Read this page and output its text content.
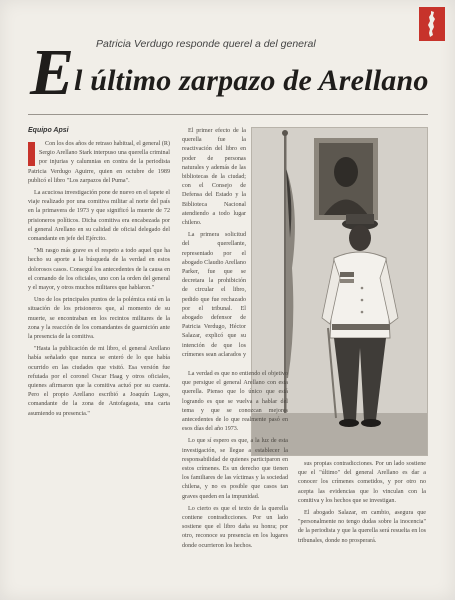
Patricia Verdugo responde querel a del general
E l último zarpazo de Arellano
Equipo Apsi

Con los dos años de retraso habitual, el general (R) Sergio Arellano Stark interpuso una querella criminal por injurias y calumnias en contra de la periodista Patricia Verdugo Aguirre, quien en octubre de 1989 publicó el libro "Los zarpazos del Puma".

La acuciosa investigación pone de nuevo en el tapete el viaje realizado por una comitiva militar al norte del país en la primavera de 1973 y que significó la muerte de 72 prisioneros políticos. Dicha comitiva era encabezada por el general Arellano en su calidad de oficial delegado del comandante en jefe del Ejército.

"Mi rasgo más grave es el respeto a todo aquel que ha hecho su aporte a la búsqueda de la verdad en estos dolorosos casos. Conseguí los antecedentes de la causa en el comando de los oficiales, uno con la orden del general y el mayor, y otros muchos militares que hablaron."

Uno de los principales puntos de la polémica está en la situación de los prisioneros que, al momento de su muerte, se encontraban en los recintos militares de la zona y la reacción de los comandantes de guarnición ante la presencia de la comitiva.

"Hasta la publicación de mi libro, el general Arellano había señalado que nunca se enteró de lo que había ocurrido en las ciudades que visitó. Esa versión fue refutada por el coronel Oscar Haag y otros oficiales, quienes afirmaron que la comitiva actuó por su cuenta. Pero el propio Arellano escribió a Joaquín Lagos, comandante de la zona de Antofagasta, una carta asumiendo su presencia."

El primer efecto de la querella fue la reactivación del libro en poder de personas naturales y además de las bibliotecas de la ciudad; con el Consejo de Defensa del Estado y la Biblioteca Nacional atendiendo a todo lugar chileno.

La primera solicitud del querellante, representado por el abogado Claudio Arellano Parker, fue que se decretara la prohibición de circular el libro, pedido que fue rechazado por el tribunal. El abogado defensor de Patricia Verdugo, Héctor Salazar, explicó que su intención de que los crímenes sean aclarados y

La verdad es que no entiendo el objetivo que persigue el general Arellano con esta querella. Pienso que lo único que está logrando es que se vuelva a hablar del tema y que se conozcan mejores antecedentes de lo que realmente pasó en esos días del año 1973.

Lo que sí espero es que, a la luz de esta investigación, se llegue a establecer la responsabilidad de quienes participaron en estos crímenes. Es un derecho que tienen los familiares de las víctimas y la sociedad chilena, y no es posible que casos tan graves queden en la impunidad.

Lo cierto es que el texto de la querella contiene contradicciones. Por un lado sostiene que el libro daña su honra; por otro, reconoce su presencia en los lugares donde ocurrieron los hechos.

sus propias contradicciones. Por un lado sostiene que el "último" del general Arellano es dar a conocer los crímenes cometidos, y por otro no acepta las evidencias que lo vinculan con la comitiva y los hechos que se investigan.

El abogado Salazar, en cambio, asegura que "personalmente no tengo dudas sobre la inocencia" de la periodista y que la querella será resuelta en los tribunales, donde no prosperará.
